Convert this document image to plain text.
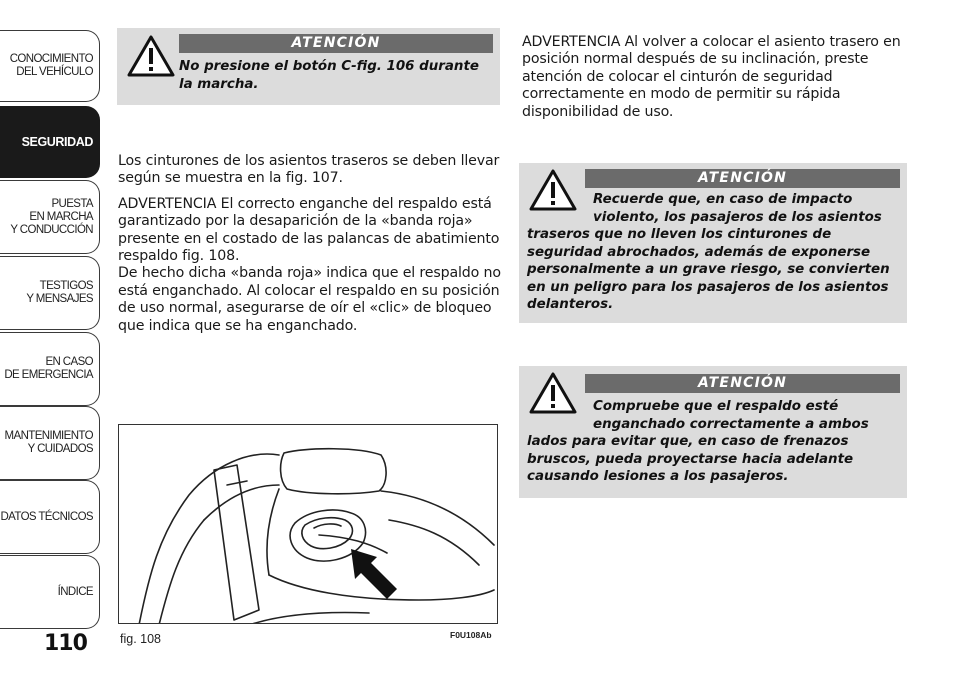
CONOCIMIENTO
DEL VEHÍCULO
SEGURIDAD
PUESTA
EN MARCHA
Y CONDUCCIÓN
TESTIGOS
Y MENSAJES
EN CASO
DE EMERGENCIA
MANTENIMIENTO
Y CUIDADOS
DATOS TÉCNICOS
ÍNDICE
110
ATENCIÓN
No presione el botón C-fig. 106 durante la marcha.

Los cinturones de los asientos traseros se deben llevar según se muestra en la fig. 107.

ADVERTENCIA El correcto enganche del respaldo está garantizado por la desaparición de la «banda roja» presente en el costado de las palancas de abatimiento respaldo fig. 108.

De hecho dicha «banda roja» indica que el respaldo no está enganchado. Al colocar el respaldo en su posición de uso normal, asegurarse de oír el «clic» de bloqueo que indica que se ha enganchado.

fig. 108	F0U108Ab

ADVERTENCIA Al volver a colocar el asiento trasero en posición normal después de su inclinación, preste atención de colocar el cinturón de seguridad correctamente en modo de permitir su rápida disponibilidad de uso.

ATENCIÓN
Recuerde que, en caso de impacto violento, los pasajeros de los asientos
traseros que no lleven los cinturones de seguridad abrochados, además de exponerse personalmente a un grave riesgo, se convierten en un peligro para los pasajeros de los asientos delanteros.
ATENCIÓN
Compruebe que el respaldo esté enganchado correctamente a ambos
lados para evitar que, en caso de frenazos bruscos, pueda proyectarse hacia adelante causando lesiones a los pasajeros.
